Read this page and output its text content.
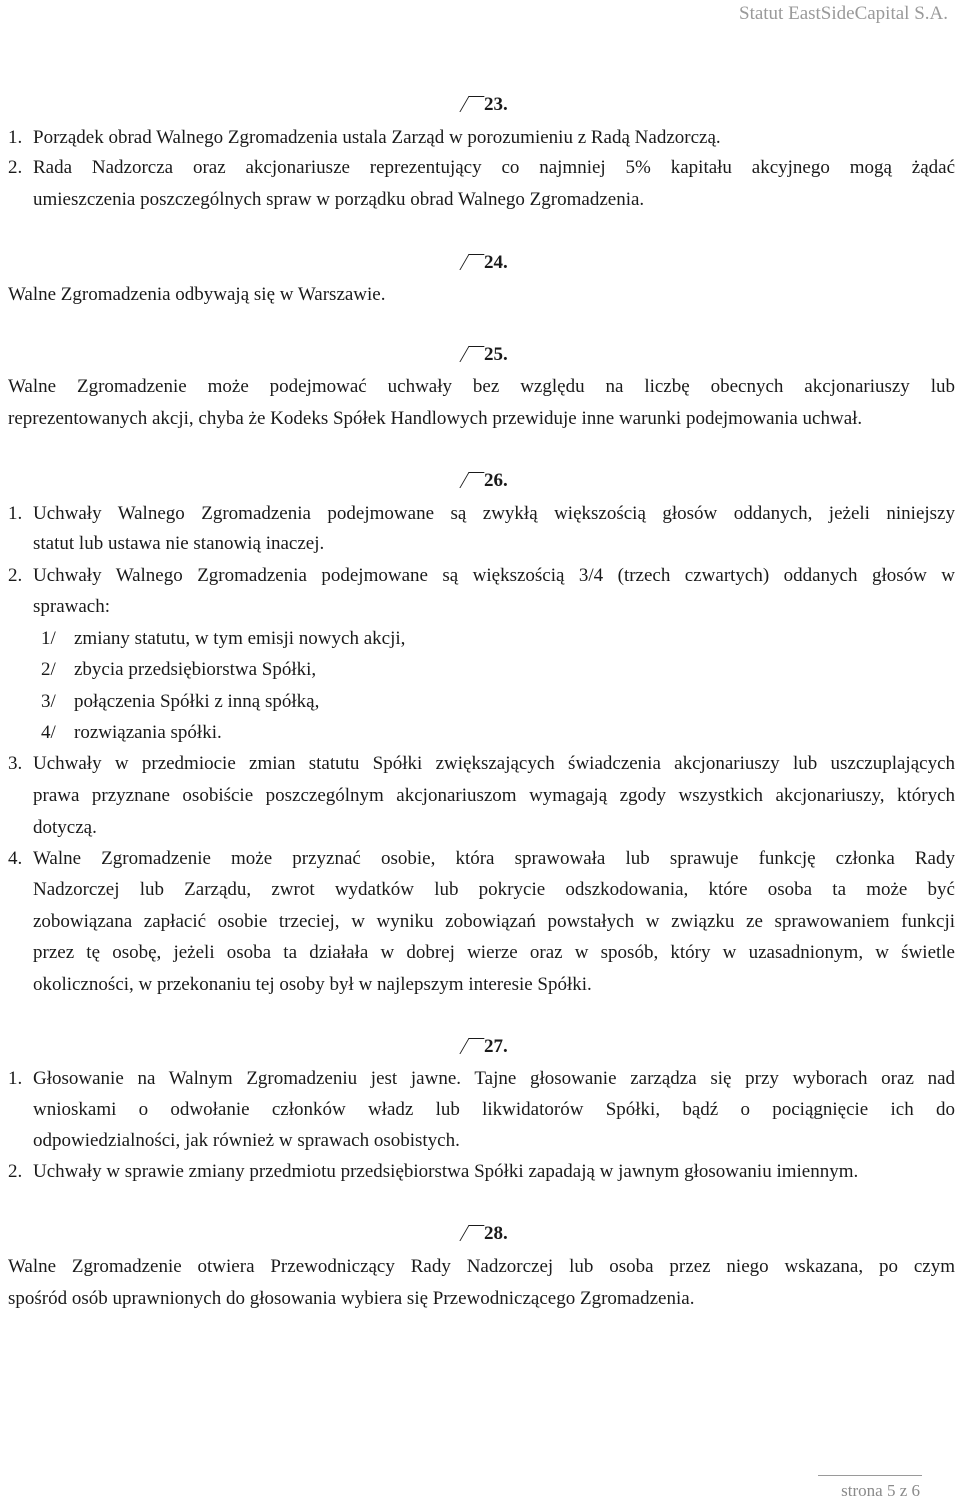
Statut EastSideCapital S.A.
23.
1. Porządek obrad Walnego Zgromadzenia ustala Zarząd w porozumieniu z Radą Nadzorczą.
2. Rada Nadzorcza oraz akcjonariusze reprezentujący co najmniej 5% kapitału akcyjnego mogą żądać
umieszczenia poszczególnych spraw w porządku obrad Walnego Zgromadzenia.
24.
Walne Zgromadzenia odbywają się w Warszawie.
25.
Walne Zgromadzenie może podejmować uchwały bez względu na liczbę obecnych akcjonariuszy lub
reprezentowanych akcji, chyba że Kodeks Spółek Handlowych przewiduje inne warunki podejmowania uchwał.
26.
1. Uchwały Walnego Zgromadzenia podejmowane są zwykłą większością głosów oddanych, jeżeli niniejszy
statut lub ustawa nie stanowią inaczej.
2. Uchwały Walnego Zgromadzenia podejmowane są większością 3/4 (trzech czwartych) oddanych głosów w
sprawach:
1/ zmiany statutu, w tym emisji nowych akcji,
2/ zbycia przedsiębiorstwa Spółki,
3/ połączenia Spółki z inną spółką,
4/ rozwiązania spółki.
3. Uchwały w przedmiocie zmian statutu Spółki zwiększających świadczenia akcjonariuszy lub uszczuplających
prawa przyznane osobiście poszczególnym akcjonariuszom wymagają zgody wszystkich akcjonariuszy, których
dotyczą.
4. Walne Zgromadzenie może przyznać osobie, która sprawowała lub sprawuje funkcję członka Rady
Nadzorczej lub Zarządu, zwrot wydatków lub pokrycie odszkodowania, które osoba ta może być
zobowiązana zapłacić osobie trzeciej, w wyniku zobowiązań powstałych w związku ze sprawowaniem funkcji
przez tę osobę, jeżeli osoba ta działała w dobrej wierze oraz w sposób, który w uzasadnionym, w świetle
okoliczności, w przekonaniu tej osoby był w najlepszym interesie Spółki.
27.
1. Głosowanie na Walnym Zgromadzeniu jest jawne. Tajne głosowanie zarządza się przy wyborach oraz nad
wnioskami o odwołanie członków władz lub likwidatorów Spółki, bądź o pociągnięcie ich do
odpowiedzialności, jak również w sprawach osobistych.
2. Uchwały w sprawie zmiany przedmiotu przedsiębiorstwa Spółki zapadają w jawnym głosowaniu imiennym.
28.
Walne Zgromadzenie otwiera Przewodniczący Rady Nadzorczej lub osoba przez niego wskazana, po czym
spośród osób uprawnionych do głosowania wybiera się Przewodniczącego Zgromadzenia.
strona 5 z 6
